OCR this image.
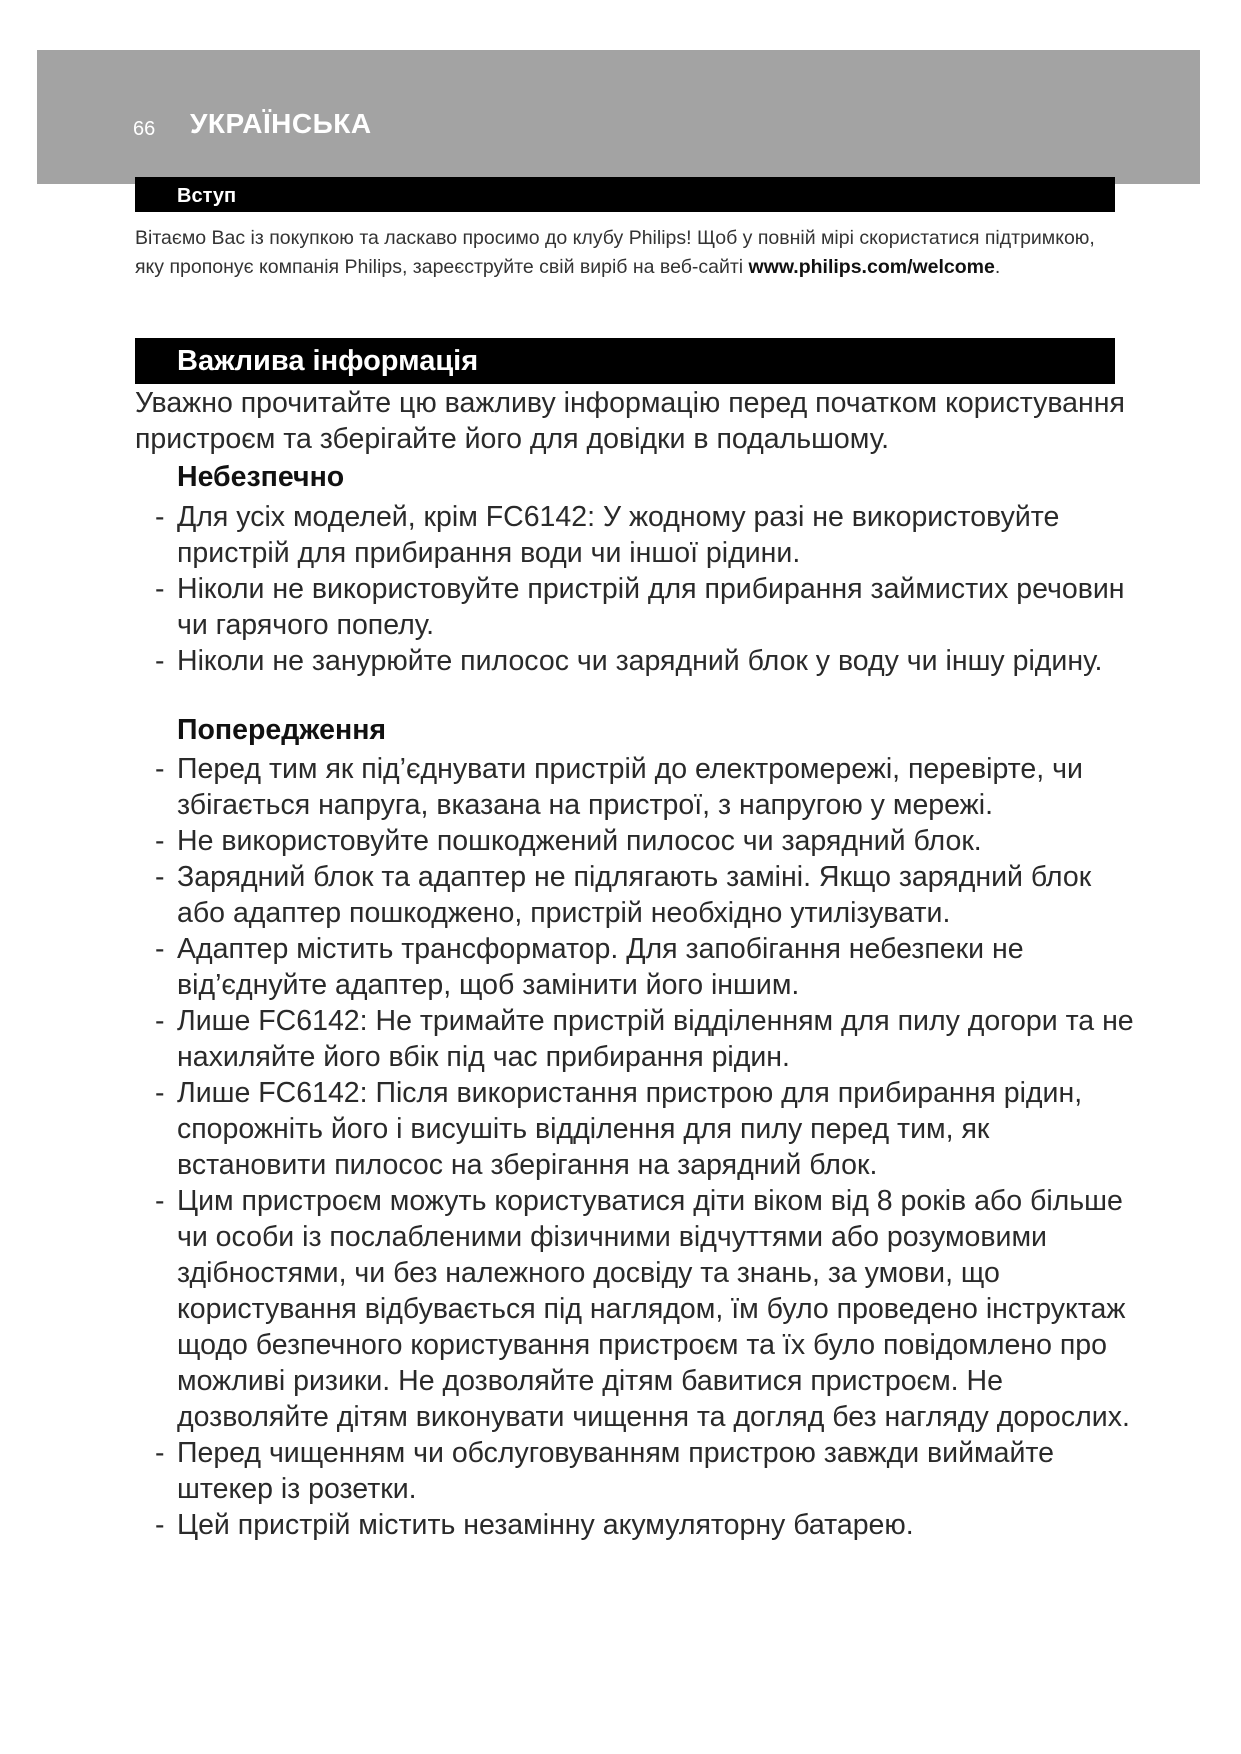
66 УКРАЇНСЬКА
Вступ
Вітаємо Вас із покупкою та ласкаво просимо до клубу Philips! Щоб у повній мірі скористатися підтримкою, яку пропонує компанія Philips, зареєструйте свій виріб на веб-сайті www.philips.com/welcome.
Важлива інформація
Уважно прочитайте цю важливу інформацію перед початком користування пристроєм та зберігайте його для довідки в подальшому.
Небезпечно
- Для усіх моделей, крім FC6142: У жодному разі не використовуйте пристрій для прибирання води чи іншої рідини.
- Ніколи не використовуйте пристрій для прибирання займистих речовин чи гарячого попелу.
- Ніколи не занурюйте пилосос чи зарядний блок у воду чи іншу рідину.
Попередження
- Перед тим як під’єднувати пристрій до електромережі, перевірте, чи збігається напруга, вказана на пристрої, з напругою у мережі.
- Не використовуйте пошкоджений пилосос чи зарядний блок.
- Зарядний блок та адаптер не підлягають заміні. Якщо зарядний блок або адаптер пошкоджено, пристрій необхідно утилізувати.
- Адаптер містить трансформатор. Для запобігання небезпеки не від’єднуйте адаптер, щоб замінити його іншим.
- Лише FC6142: Не тримайте пристрій відділенням для пилу догори та не нахиляйте його вбік під час прибирання рідин.
- Лише FC6142: Після використання пристрою для прибирання рідин, спорожніть його і висушіть відділення для пилу перед тим, як встановити пилосос на зберігання на зарядний блок.
- Цим пристроєм можуть користуватися діти віком від 8 років або більше чи особи із послабленими фізичними відчуттями або розумовими здібностями, чи без належного досвіду та знань, за умови, що користування відбувається під наглядом, їм було проведено інструктаж щодо безпечного користування пристроєм та їх було повідомлено про можливі ризики. Не дозволяйте дітям бавитися пристроєм. Не дозволяйте дітям виконувати чищення та догляд без нагляду дорослих.
- Перед чищенням чи обслуговуванням пристрою завжди виймайте штекер із розетки.
- Цей пристрій містить незамінну акумуляторну батарею.
